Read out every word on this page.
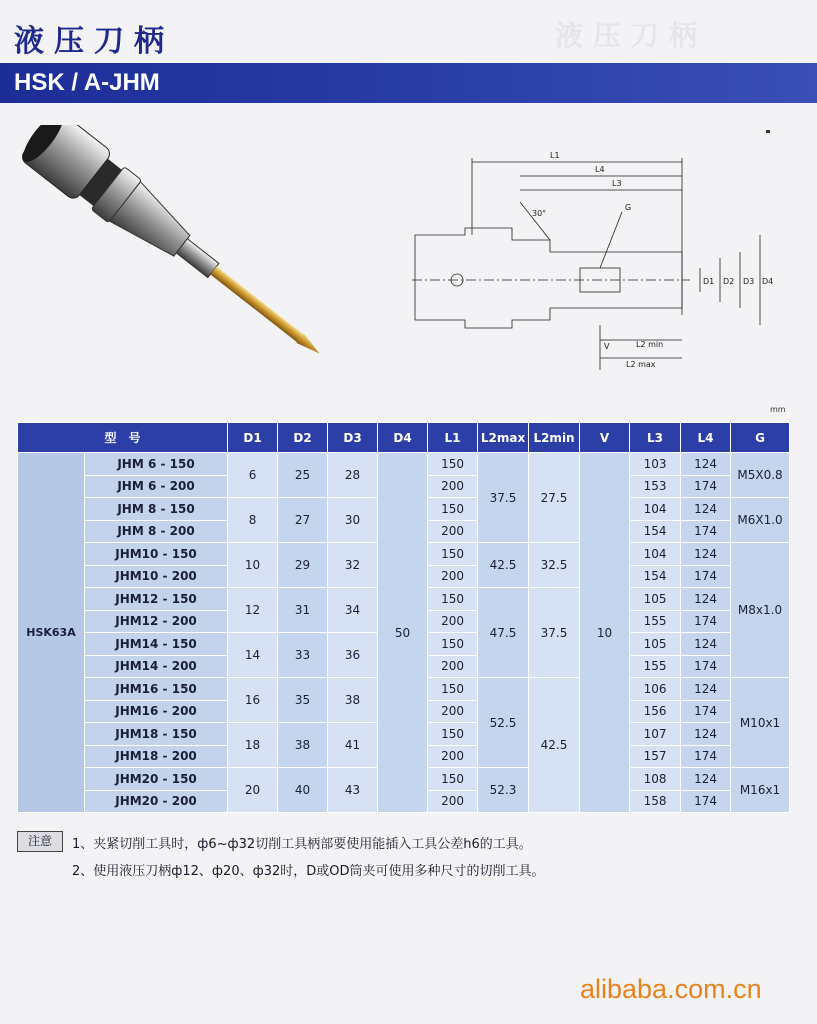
液压刀柄
液压刀柄
HSK / A-JHM
L1
L4
L3
30°
G
D1 D2 D3 D4
V	L2 min
L2 max
mm
型　号		D1	D2	D3	D4	L1	L2max	L2min	V	L3	L4	G
HSK63A	JHM 6 - 150	6	25	28	50	150	37.5	27.5	10	103	124	M5X0.8
	JHM 6 - 200					200				153	174	
	JHM 8 - 150	8	27	30		150				104	124	M6X1.0
	JHM 8 - 200					200				154	174	
	JHM10 - 150	10	29	32		150	42.5	32.5		104	124	M8x1.0
	JHM10 - 200					200				154	174	
	JHM12 - 150	12	31	34		150	47.5	37.5		105	124	
	JHM12 - 200					200				155	174	
	JHM14 - 150	14	33	36		150				105	124	
	JHM14 - 200					200				155	174	
	JHM16 - 150	16	35	38		150	52.5	42.5		106	124	M10x1
	JHM16 - 200					200				156	174	
	JHM18 - 150	18	38	41		150				107	124	
	JHM18 - 200					200				157	174	
	JHM20 - 150	20	40	43		150	52.3			108	124	M16x1
	JHM20 - 200					200				158	174	
注意	1、夹紧切削工具时，ф6~ф32切削工具柄部要使用能插入工具公差h6的工具。
2、使用液压刀柄ф12、ф20、ф32时，D或OD筒夹可使用多种尺寸的切削工具。
alibaba.com.cn
